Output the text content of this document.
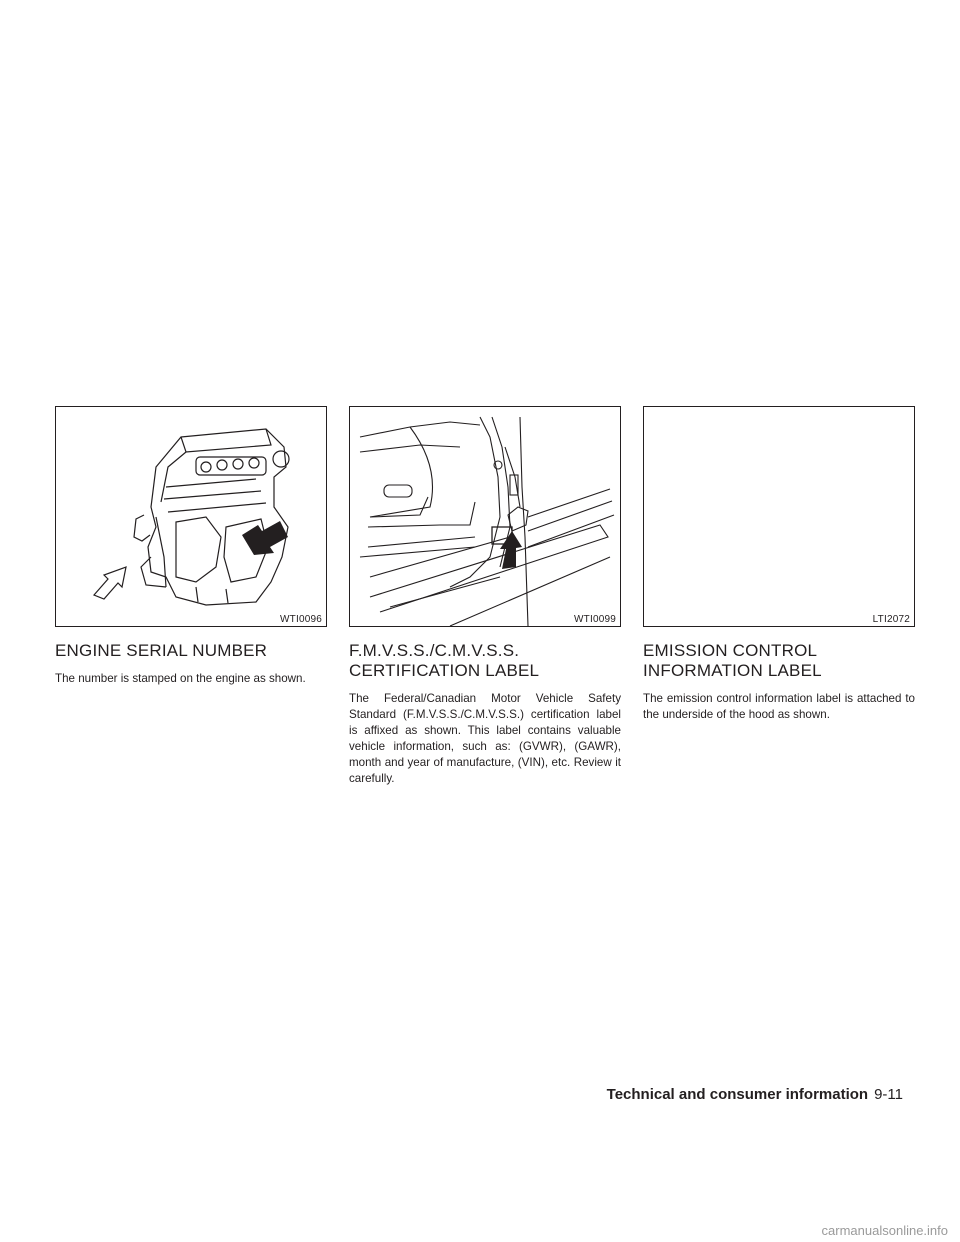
WTI0096
ENGINE SERIAL NUMBER

The number is stamped on the engine as shown.

WTI0099
F.M.V.S.S./C.M.V.S.S. CERTIFICATION LABEL

The Federal/Canadian Motor Vehicle Safety Standard (F.M.V.S.S./C.M.V.S.S.) certification label is affixed as shown. This label contains valuable vehicle information, such as: (GVWR), (GAWR), month and year of manufacture, (VIN), etc. Review it carefully.

LTI2072
EMISSION CONTROL INFORMATION LABEL

The emission control information label is attached to the underside of the hood as shown.

Technical and consumer information 9-11
carmanualsonline.info
